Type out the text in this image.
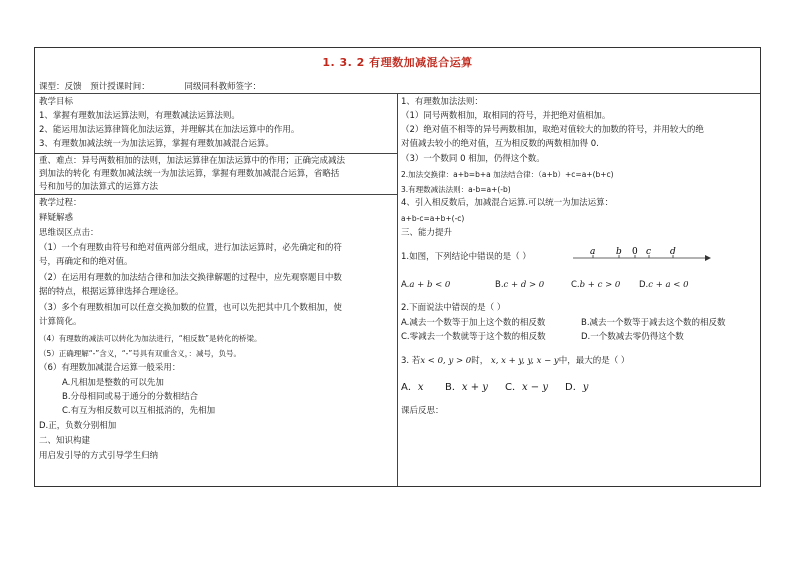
1. 3. 2 有理数加减混合运算
课型：反馈 预计授课时间：	同级同科教师签字：
教学目标
1、掌握有理数加法运算法则，有理数减法运算法则。
2、能运用加法运算律简化加法运算，并理解其在加法运算中的作用。
3、有理数加减法统一为加法运算，掌握有理数加减混合运算。
重、难点：异号两数相加的法则，加法运算律在加法运算中的作用；正确完成减法
到加法的转化 有理数加减法统一为加法运算，掌握有理数加减混合运算，省略括
号和加号的加法算式的运算方法
教学过程：
释疑解惑
思维误区点击：
（1）一个有理数由符号和绝对值两部分组成，进行加法运算时，必先确定和的符
号，再确定和的绝对值。
（2）在运用有理数的加法结合律和加法交换律解题的过程中，应先观察题目中数
据的特点，根据运算律选择合理途径。
（3）多个有理数相加可以任意交换加数的位置，也可以先把其中几个数相加，使
计算简化。
（4）有理数的减法可以转化为加法进行，“相反数”是转化的桥梁。
（5）正确理解“-”含义，“-”号具有双重含义，：减号，负号。
（6）有理数加减混合运算一般采用：
A.凡相加是整数的可以先加
B.分母相同或易于通分的分数相结合
C.有互为相反数可以互相抵消的，先相加
D.正，负数分别相加
二、知识构建
用启发引导的方式引导学生归纳
1、有理数加法法则：
（1）同号两数相加，取相同的符号，并把绝对值相加。
（2）绝对值不相等的异号两数相加，取绝对值较大的加数的符号，并用较大的绝
对值减去较小的绝对值，互为相反数的两数相加得 0.
（3）一个数同 0 相加，仍得这个数。
2.加法交换律：a+b=b+a 加法结合律：（a+b）+c=a+(b+c)
3.有理数减法法则：a-b=a+(-b)
4、引入相反数后，加减混合运算.可以统一为加法运算：
a+b-c=a+b+(-c)
三、能力提升
1.如图，下列结论中错误的是（ ）	a b 0 c d
A.a + b < 0	B.c + d > 0	C.b + c > 0 D.c + a < 0
2.下面说法中错误的是（ ）
A.减去一个数等于加上这个数的相反数	B.减去一个数等于减去这个数的相反数
C.零减去一个数就等于这个数的相反数	D.一个数减去零仍得这个数
3. 若x < 0, y > 0时， x, x + y, y, x − y中，最大的是（ ）
A．x B．x + y C．x − y D．y
课后反思：
